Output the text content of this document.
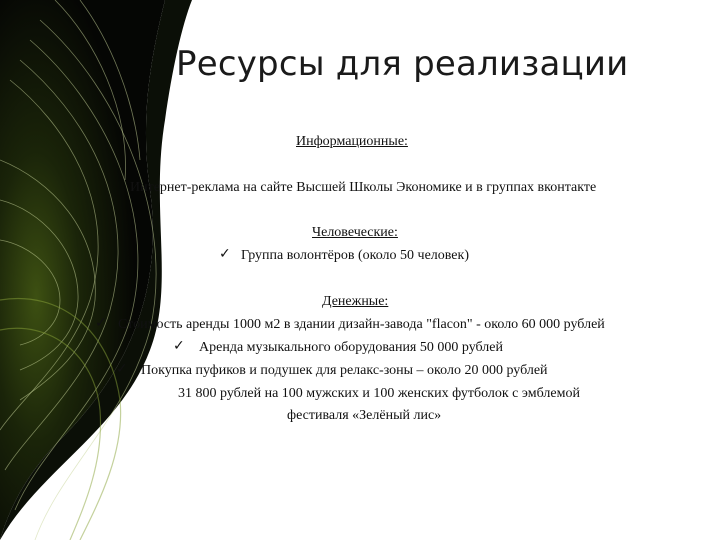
Ресурсы для реализации
Информационные:
Интернет-реклама на сайте Высшей Школы Экономике и в группах вконтакте
Человеческие:
✓ Группа волонтёров (около 50 человек)
Денежные:
✓ Стоимость аренды 1000 м2 в здании дизайн-завода "flacon" - около 60 000 рублей
✓ Аренда музыкального оборудования 50 000 рублей
✓ Покупка пуфиков и подушек для релакс-зоны – около 20 000 рублей
31 800 рублей на 100 мужских и 100 женских футболок с эмблемой
фестиваля «Зелёный лис»
